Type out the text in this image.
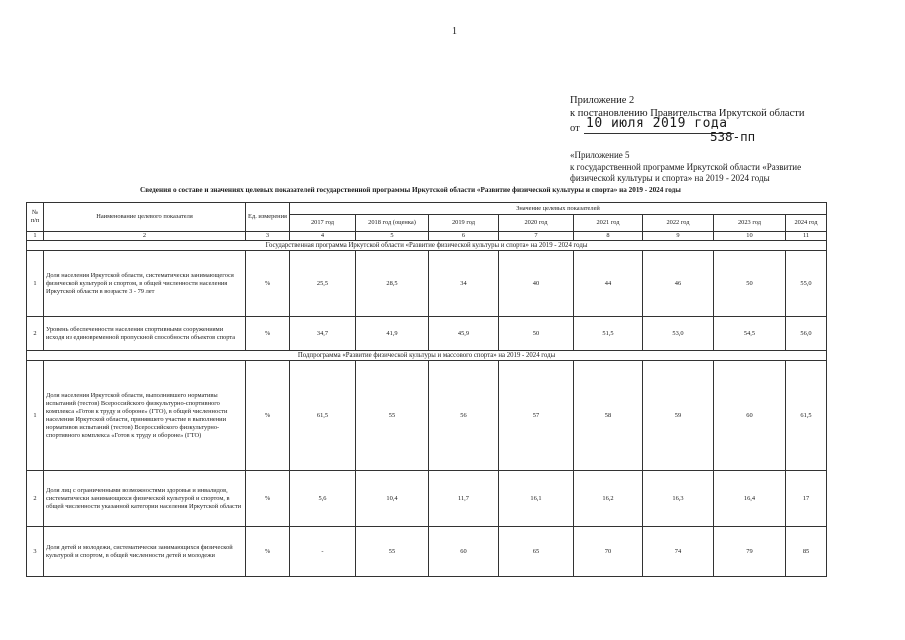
1
Приложение 2
к постановлению Правительства Иркутской области
от 10 июля 2019 года
538-пп
«Приложение 5
к государственной программе Иркутской области «Развитие
физической культуры и спорта» на 2019 - 2024 годы
Сведения о составе и значениях целевых показателей государственной программы Иркутской области «Развитие физической культуры и спорта» на 2019 - 2024 годы
№ п/п	Наименование целевого показателя	Ед. измерения	Значение целевых показателей							
			2017 год	2018 год (оценка)	2019 год	2020 год	2021 год	2022 год	2023 год	2024 год
1	2	3	4	5	6	7	8	9	10	11
Государственная программа Иркутской области «Развитие физической культуры и спорта» на 2019 - 2024 годы										
1	Доля населения Иркутской области, систематически занимающегося физической культурой и спортом, в общей численности населения Иркутской области в возрасте 3 - 79 лет	%	25,5	28,5	34	40	44	46	50	55,0
2	Уровень обеспеченности населения спортивными сооружениями исходя из единовременной пропускной способности объектов спорта	%	34,7	41,9	45,9	50	51,5	53,0	54,5	56,0
Подпрограмма «Развитие физической культуры и массового спорта» на 2019 - 2024 годы										
1	Доля населения Иркутской области, выполнившего нормативы испытаний (тестов) Всероссийского физкультурно-спортивного комплекса «Готов к труду и обороне» (ГТО), в общей численности населения Иркутской области, принявшего участие в выполнении нормативов испытаний (тестов) Всероссийского физкультурно-спортивного комплекса «Готов к труду и обороне» (ГТО)	%	61,5	55	56	57	58	59	60	61,5
2	Доля лиц с ограниченными возможностями здоровья и инвалидов, систематически занимающихся физической культурой и спортом, в общей численности указанной категории населения Иркутской области	%	5,6	10,4	11,7	16,1	16,2	16,3	16,4	17
3	Доля детей и молодежи, систематически занимающихся физической культурой и спортом, в общей численности детей и молодежи	%	-	55	60	65	70	74	79	85
